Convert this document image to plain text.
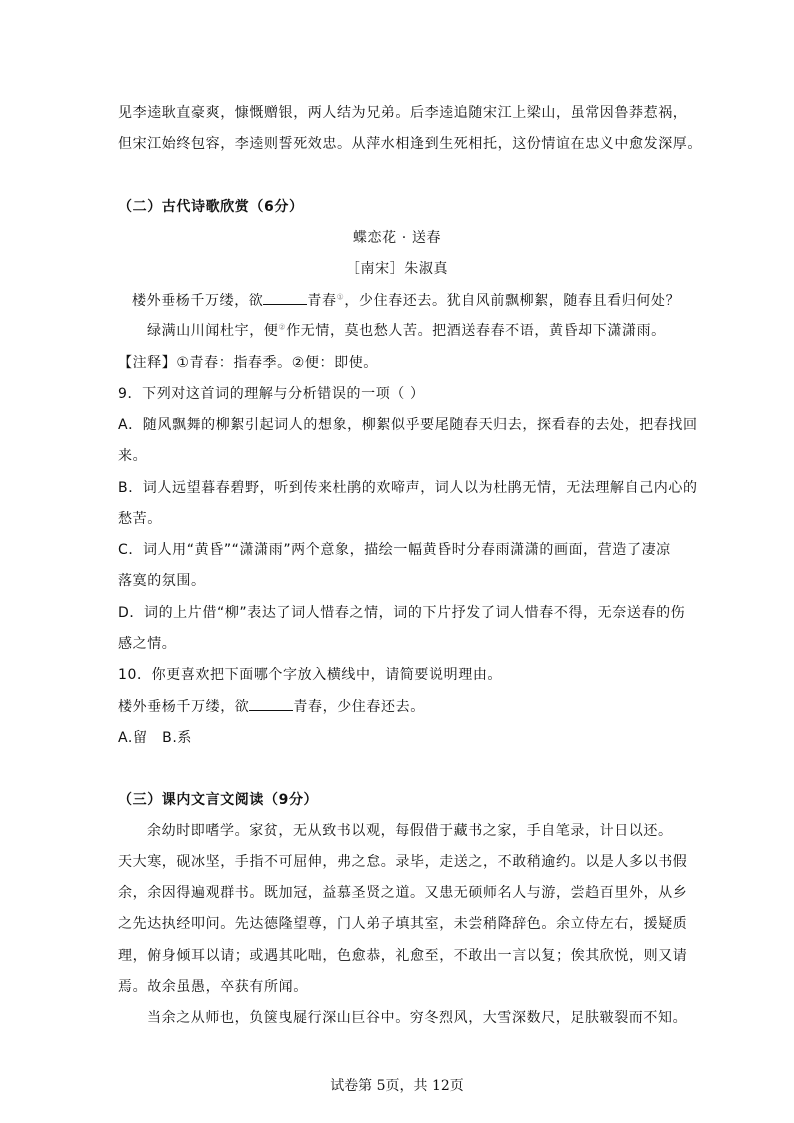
见李逵耿直豪爽，慷慨赠银，两人结为兄弟。后李逵追随宋江上梁山，虽常因鲁莽惹祸，
但宋江始终包容，李逵则誓死效忠。从萍水相逢到生死相托，这份情谊在忠义中愈发深厚。
（二）古代诗歌欣赏（6分）
蝶恋花 · 送春
［南宋］朱淑真
楼外垂杨千万缕，欲	青春①，少住春还去。犹自风前飘柳絮，随春且看归何处？
绿满山川闻杜宇，便②作无情，莫也愁人苦。把酒送春春不语，黄昏却下潇潇雨。
【注释】①青春：指春季。②便：即使。
9．下列对这首词的理解与分析错误的一项（ ）
A．随风飘舞的柳絮引起词人的想象，柳絮似乎要尾随春天归去，探看春的去处，把春找回
来。
B．词人远望暮春碧野，听到传来杜鹃的欢啼声，词人以为杜鹃无情，无法理解自己内心的
愁苦。
C．词人用“黄昏”“潇潇雨”两个意象，描绘一幅黄昏时分春雨潇潇的画面，营造了凄凉
落寞的氛围。
D．词的上片借“柳”表达了词人惜春之情，词的下片抒发了词人惜春不得，无奈送春的伤
感之情。
10．你更喜欢把下面哪个字放入横线中，请简要说明理由。
楼外垂杨千万缕，欲	青春，少住春还去。
A.留　B.系
（三）课内文言文阅读（9分）
余幼时即嗜学。家贫，无从致书以观，每假借于藏书之家，手自笔录，计日以还。
天大寒，砚冰坚，手指不可屈伸，弗之怠。录毕，走送之，不敢稍逾约。以是人多以书假
余，余因得遍观群书。既加冠，益慕圣贤之道。又患无硕师名人与游，尝趋百里外，从乡
之先达执经叩问。先达德隆望尊，门人弟子填其室，未尝稍降辞色。余立侍左右，援疑质
理，俯身倾耳以请；或遇其叱咄，色愈恭，礼愈至，不敢出一言以复；俟其欣悦，则又请
焉。故余虽愚，卒获有所闻。
当余之从师也，负箧曳屣行深山巨谷中。穷冬烈风，大雪深数尺，足肤皲裂而不知。
试卷第 5页，共 12页
